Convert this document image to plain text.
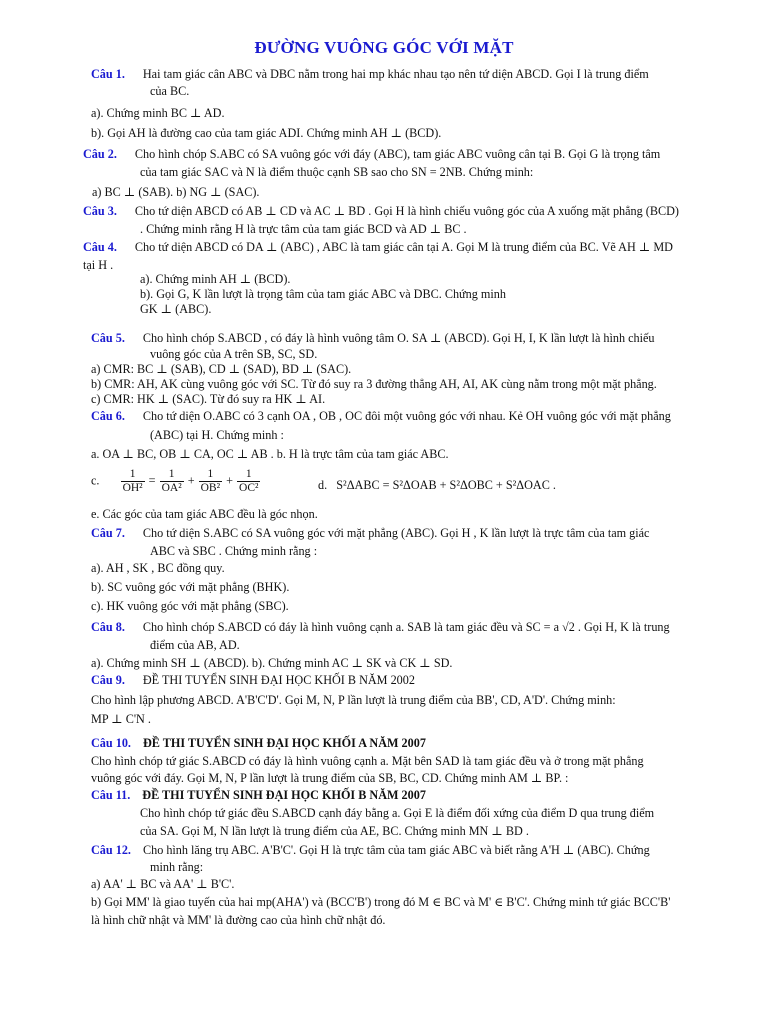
ĐƯỜNG VUÔNG GÓC VỚI MẶT
Câu 1. Hai tam giác cân ABC và DBC nằm trong hai mp khác nhau tạo nên tứ diện ABCD. Gọi I là trung điểm
của BC.
a). Chứng minh BC ⊥ AD.
b). Gọi AH là đường cao của tam giác ADI. Chứng minh AH ⊥ (BCD).
Câu 2. Cho hình chóp S.ABC có SA vuông góc với đáy (ABC), tam giác ABC vuông cân tại B. Gọi G là trọng tâm
của tam giác SAC và N là điểm thuộc cạnh SB sao cho SN = 2NB. Chứng minh:
a) BC ⊥ (SAB). b) NG ⊥ (SAC).
Câu 3. Cho tứ diện ABCD có AB ⊥ CD và AC ⊥ BD . Gọi H là hình chiếu vuông góc của A xuống mặt phẳng (BCD)
. Chứng minh rằng H là trực tâm của tam giác BCD và AD ⊥ BC .
Câu 4. Cho tứ diện ABCD có DA ⊥ (ABC) , ABC là tam giác cân tại A. Gọi M là trung điểm của BC. Vẽ AH ⊥ MD
tại H .
a). Chứng minh AH ⊥ (BCD).
b). Gọi G, K lần lượt là trọng tâm của tam giác ABC và DBC. Chứng minh
GK ⊥ (ABC).
Câu 5. Cho hình chóp S.ABCD , có đáy là hình vuông tâm O. SA ⊥ (ABCD). Gọi H, I, K lần lượt là hình chiếu
vuông góc của A trên SB, SC, SD.
a) CMR: BC ⊥ (SAB), CD ⊥ (SAD), BD ⊥ (SAC).
b) CMR: AH, AK cùng vuông góc với SC. Từ đó suy ra 3 đường thẳng AH, AI, AK cùng nằm trong một mặt phẳng.
c) CMR: HK ⊥ (SAC). Từ đó suy ra HK ⊥ AI.
Câu 6. Cho tứ diện O.ABC có 3 cạnh OA , OB , OC đôi một vuông góc với nhau. Kẻ OH vuông góc với mặt phẳng
(ABC) tại H. Chứng minh :
a. OA ⊥ BC, OB ⊥ CA, OC ⊥ AB . b. H là trực tâm của tam giác ABC.
e. Các góc của tam giác ABC đều là góc nhọn.
Câu 7. Cho tứ diện S.ABC có SA vuông góc với mặt phẳng (ABC). Gọi H , K lần lượt là trực tâm của tam giác
ABC và SBC . Chứng minh rằng :
a). AH , SK , BC đồng quy.
b). SC vuông góc với mặt phẳng (BHK).
c). HK vuông góc với mặt phẳng (SBC).
Câu 8. Cho hình chóp S.ABCD có đáy là hình vuông cạnh a. SAB là tam giác đều và SC = a √2 . Gọi H, K là trung
điểm của AB, AD.
a). Chứng minh SH ⊥ (ABCD). b). Chứng minh AC ⊥ SK và CK ⊥ SD.
Câu 9. ĐỀ THI TUYỂN SINH ĐẠI HỌC KHỐI B NĂM 2002
Cho hình lập phương ABCD. A'B'C'D'. Gọi M, N, P lần lượt là trung điểm của BB', CD, A'D'. Chứng minh:
MP ⊥ C'N .
Câu 10. ĐỀ THI TUYỂN SINH ĐẠI HỌC KHỐI A NĂM 2007
Cho hình chóp tứ giác S.ABCD có đáy là hình vuông cạnh a. Mặt bên SAD là tam giác đều và ở trong mặt phẳng
vuông góc với đáy. Gọi M, N, P lần lượt là trung điểm của SB, BC, CD. Chứng minh AM ⊥ BP. :
Câu 11. ĐỀ THI TUYỂN SINH ĐẠI HỌC KHỐI B NĂM 2007
Cho hình chóp tứ giác đều S.ABCD cạnh đáy bằng a. Gọi E là điểm đối xứng của điểm D qua trung điểm
của SA. Gọi M, N lần lượt là trung điểm của AE, BC. Chứng minh MN ⊥ BD .
Câu 12. Cho hình lăng trụ ABC. A'B'C'. Gọi H là trực tâm của tam giác ABC và biết rằng A'H ⊥ (ABC). Chứng
minh rằng:
a) AA' ⊥ BC và AA' ⊥ B'C'.
b) Gọi MM' là giao tuyến của hai mp(AHA') và (BCC'B') trong đó M ∈ BC và M' ∈ B'C'. Chứng minh tứ giác BCC'B'
là hình chữ nhật và MM' là đường cao của hình chữ nhật đó.
c. $\frac{1}{\text{OH²}} = \frac{1}{\text{OA²}} + \frac{1}{\text{OB²}} + \frac{1}{\text{OC²}}$	d. S²ΔABC = S²ΔOAB + S²ΔOBC + S²ΔOAC .
